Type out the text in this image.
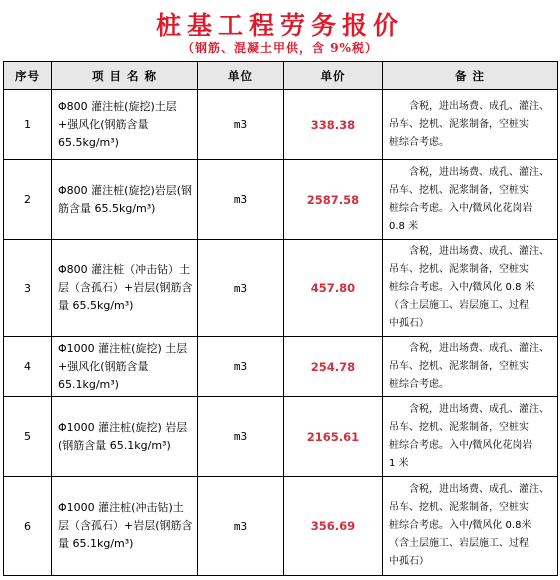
桩基工程劳务报价
（钢筋、混凝土甲供，含 9%税）
序号	项 目 名 称	单位	单价	备 注
1	Φ800 灌注桩(旋挖)土层+强风化(钢筋含量65.5kg/m³)	m3	338.38	含税，进出场费、成孔、灌注、
吊车、挖机、泥浆制备，空桩实
桩综合考虑。

2	Φ800 灌注桩(旋挖)岩层(钢筋含量 65.5kg/m³)	m3	2587.58	含税，进出场费、成孔、灌注、
吊车、挖机、泥浆制备，空桩实
桩综合考虑。入中/微风化花岗岩
0.8 米

3	Φ800 灌注桩（冲击钻）土层（含孤石）+岩层(钢筋含量 65.5kg/m³)	m3	457.80	含税，进出场费、成孔、灌注、
吊车、挖机、泥浆制备，空桩实
桩综合考虑。入中/微风化 0.8 米
（含土层施工、岩层施工、过程
中孤石）

4	Φ1000 灌注桩(旋挖) 土层+强风化(钢筋含量65.1kg/m³)	m3	254.78	含税，进出场费、成孔、灌注、
吊车、挖机、泥浆制备，空桩实
桩综合考虑。

5	Φ1000 灌注桩(旋挖) 岩层(钢筋含量 65.1kg/m³)	m3	2165.61	含税，进出场费、成孔、灌注、
吊车、挖机、泥浆制备，空桩实
桩综合考虑。入中/微风化花岗岩
1 米

6	Φ1000 灌注桩(冲击钻)土层（含孤石）+岩层(钢筋含量 65.1kg/m³)	m3	356.69	含税，进出场费、成孔、灌注、
吊车、挖机、泥浆制备，空桩实
桩综合考虑。入中/微风化 0.8米
（含土层施工、岩层施工、过程
中孤石）
